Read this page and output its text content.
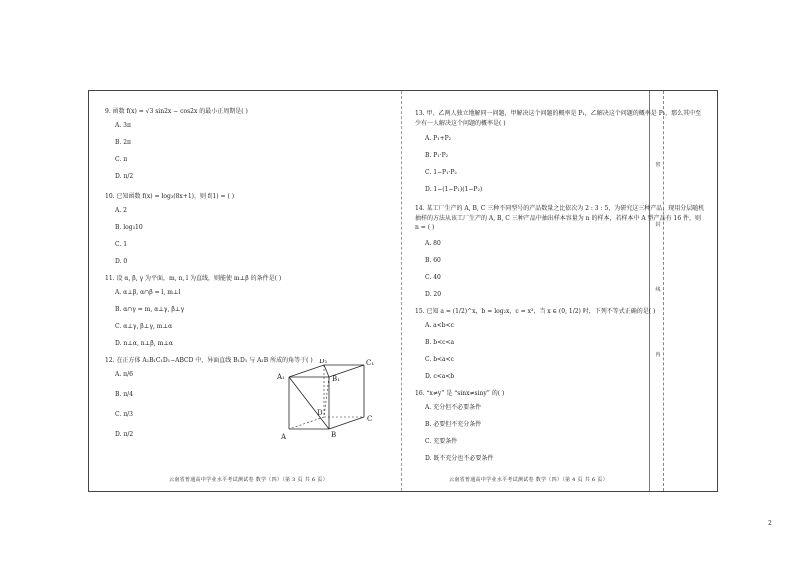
密
封
线
内
9. 函数 f(x) = √3 sin2x − cos2x 的最小正周期是( )
A. 3π
B. 2π
C. π
D. π/2
10. 已知函数 f(x) = log₃(8x+1)，则 f(1) = ( )
A. 2
B. log₃10
C. 1
D. 0
11. 设 α, β, γ 为平面，m, n, l 为直线，则能使 m⊥β 的条件是( )
A. α⊥β, α∩β = l, m⊥l
B. α∩γ = m, α⊥γ, β⊥γ
C. α⊥γ, β⊥γ, m⊥α
D. n⊥α, n⊥β, m⊥α
12. 在正方体 A₁B₁C₁D₁−ABCD 中，异面直线 B₁D₁ 与 A₁B 所成的角等于( )
A. π/6
B. π/4
C. π/3
D. π/2
D₁	C₁
A₁	B₁
D
C
A	B
13. 甲、乙两人独立地解同一问题，甲解决这个问题的概率是 P₁，乙解决这个问题的概率是 P₂，那么其中至少有一人解决这个问题的概率是( )
A. P₁+P₂
B. P₁·P₂
C. 1−P₁·P₂
D. 1−(1−P₁)(1−P₂)
14. 某工厂生产的 A, B, C 三种不同型号的产品数量之比依次为 2 : 3 : 5，为研究这三种产品，现用分层随机抽样的方法从该工厂生产的 A, B, C 三种产品中抽出样本容量为 n 的样本，若样本中 A 型产品有 16 件，则 n = ( )
A. 80
B. 60
C. 40
D. 20
15. 已知 a = (1/2)^x，b = log₂x，c = x³，当 x ∈ (0, 1/2) 时，下列不等式正确的是( )
A. a<b<c
B. b<c<a
C. b<a<c
D. c<a<b
16. “x≠y” 是 “sinx≠siny” 的( )
A. 充分但不必要条件
B. 必要但不充分条件
C. 充要条件
D. 既不充分也不必要条件
云南省普通高中学业水平考试测试卷 数学（四）（第 3 页 共 6 页）	云南省普通高中学业水平考试测试卷 数学（四）（第 4 页 共 6 页）
2
